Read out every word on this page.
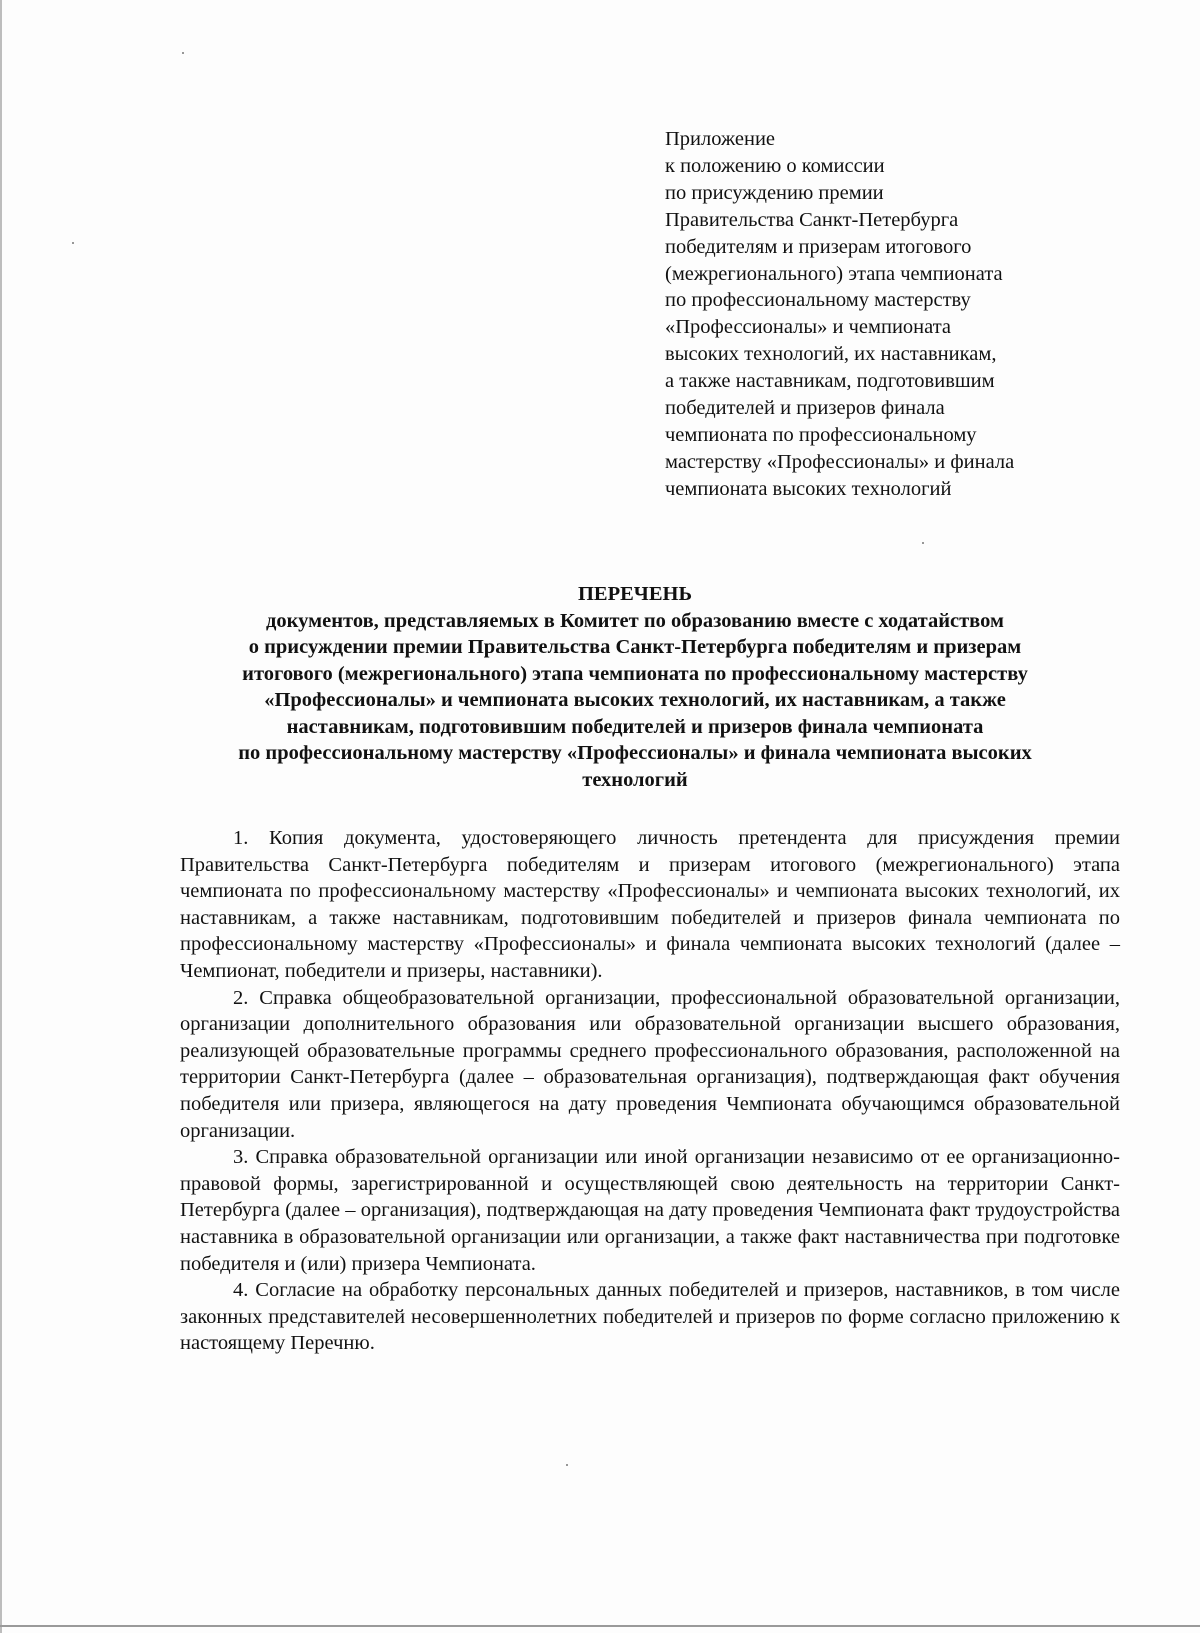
Приложение
к положению о комиссии
по присуждению премии
Правительства Санкт-Петербурга
победителям и призерам итогового
(межрегионального) этапа чемпионата
по профессиональному мастерству
«Профессионалы» и чемпионата
высоких технологий, их наставникам,
а также наставникам, подготовившим
победителей и призеров финала
чемпионата по профессиональному
мастерству «Профессионалы» и финала
чемпионата высоких технологий
ПЕРЕЧЕНЬ
документов, представляемых в Комитет по образованию вместе с ходатайством
о присуждении премии Правительства Санкт-Петербурга победителям и призерам
итогового (межрегионального) этапа чемпионата по профессиональному мастерству
«Профессионалы» и чемпионата высоких технологий, их наставникам, а также
наставникам, подготовившим победителей и призеров финала чемпионата
по профессиональному мастерству «Профессионалы» и финала чемпионата высоких
технологий

1. Копия документа, удостоверяющего личность претендента для присуждения премии Правительства Санкт-Петербурга победителям и призерам итогового (межрегионального) этапа чемпионата по профессиональному мастерству «Профессионалы» и чемпионата высоких технологий, их наставникам, а также наставникам, подготовившим победителей и призеров финала чемпионата по профессиональному мастерству «Профессионалы» и финала чемпионата высоких технологий (далее – Чемпионат, победители и призеры, наставники).

2. Справка общеобразовательной организации, профессиональной образовательной организации, организации дополнительного образования или образовательной организации высшего образования, реализующей образовательные программы среднего профессионального образования, расположенной на территории Санкт-Петербурга (далее – образовательная организация), подтверждающая факт обучения победителя или призера, являющегося на дату проведения Чемпионата обучающимся образовательной организации.

3. Справка образовательной организации или иной организации независимо от ее организационно-правовой формы, зарегистрированной и осуществляющей свою деятельность на территории Санкт-Петербурга (далее – организация), подтверждающая на дату проведения Чемпионата факт трудоустройства наставника в образовательной организации или организации, а также факт наставничества при подготовке победителя и (или) призера Чемпионата.

4. Согласие на обработку персональных данных победителей и призеров, наставников, в том числе законных представителей несовершеннолетних победителей и призеров по форме согласно приложению к настоящему Перечню.
